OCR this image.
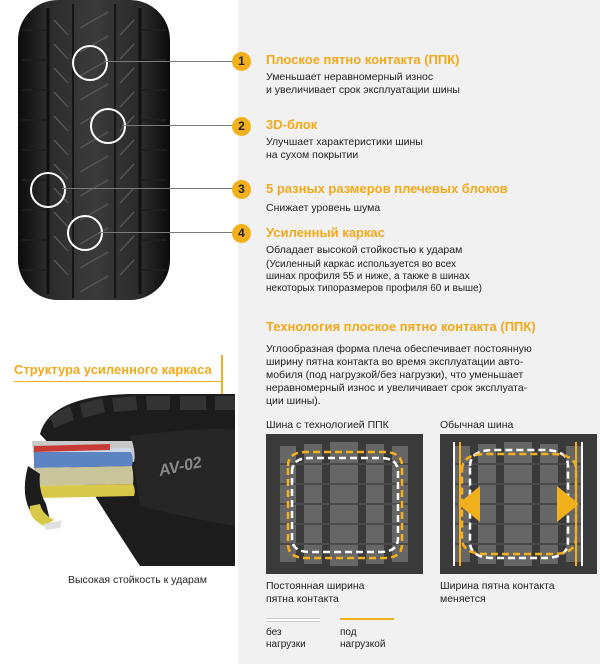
1	Плоское пятно контакта (ППК)
Уменьшает неравномерный износ
и увеличивает срок эксплуатации шины
2	3D-блок
Улучшает характеристики шины
на сухом покрытии
3	5 разных размеров плечевых блоков
Снижает уровень шума
4	Усиленный каркас
Обладает высокой стойкостью к ударам
(Усиленный каркас используется во всех
шинах профиля 55 и ниже, а также в шинах
некоторых типоразмеров профиля 60 и выше)
Структура усиленного каркаса
AV-02
Высокая стойкость к ударам
Технология плоское пятно контакта (ППК)
Углообразная форма плеча обеспечивает постоянную
ширину пятна контакта во время эксплуатации авто-
мобиля (под нагрузкой/без нагрузки), что уменьшает
неравномерный износ и увеличивает срок эксплуата-
ции шины).
Шина с технологией ППК	Обычная шина
Постоянная ширина
пятна контакта
Ширина пятна контакта
меняется
без
нагрузки
под
нагрузкой
